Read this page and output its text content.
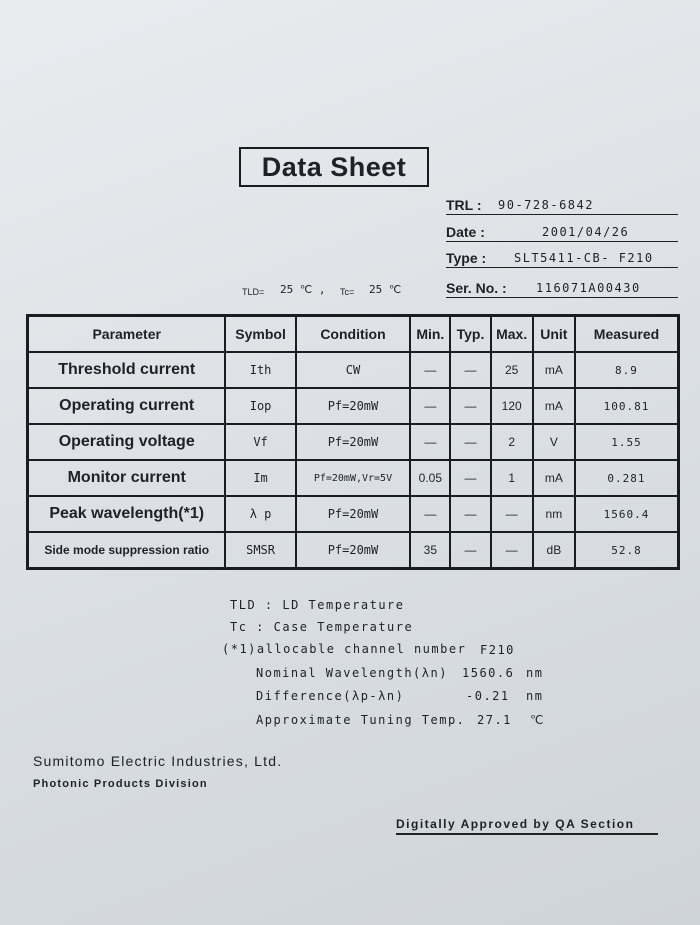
Data Sheet
TRL : 90-728-6842
Date :	2001/04/26
Type : SLT5411-CB- F210
Ser. No. : 116071A00430
TLD= 25 ℃ , Tc= 25 ℃
Parameter	Symbol	Condition	Min.	Typ.	Max.	Unit	Measured
Threshold current	Ith	CW	—	—	25	mA	8.9
Operating current	Iop	Pf=20mW	—	—	120	mA	100.81
Operating voltage	Vf	Pf=20mW	—	—	2	V	1.55
Monitor current	Im	Pf=20mW,Vr=5V	0.05	—	1	mA	0.281
Peak wavelength(*1)	λ p	Pf=20mW	—	—	—	nm	1560.4
Side mode suppression ratio	SMSR	Pf=20mW	35	—	—	dB	52.8
TLD : LD Temperature
Tc : Case Temperature
(*1)allocable channel number F210
Nominal Wavelength(λn) 1560.6 nm
Difference(λp-λn)	-0.21 nm
Approximate Tuning Temp. 27.1 ℃
Sumitomo Electric Industries, Ltd.
Photonic Products Division
Digitally Approved by QA Section
